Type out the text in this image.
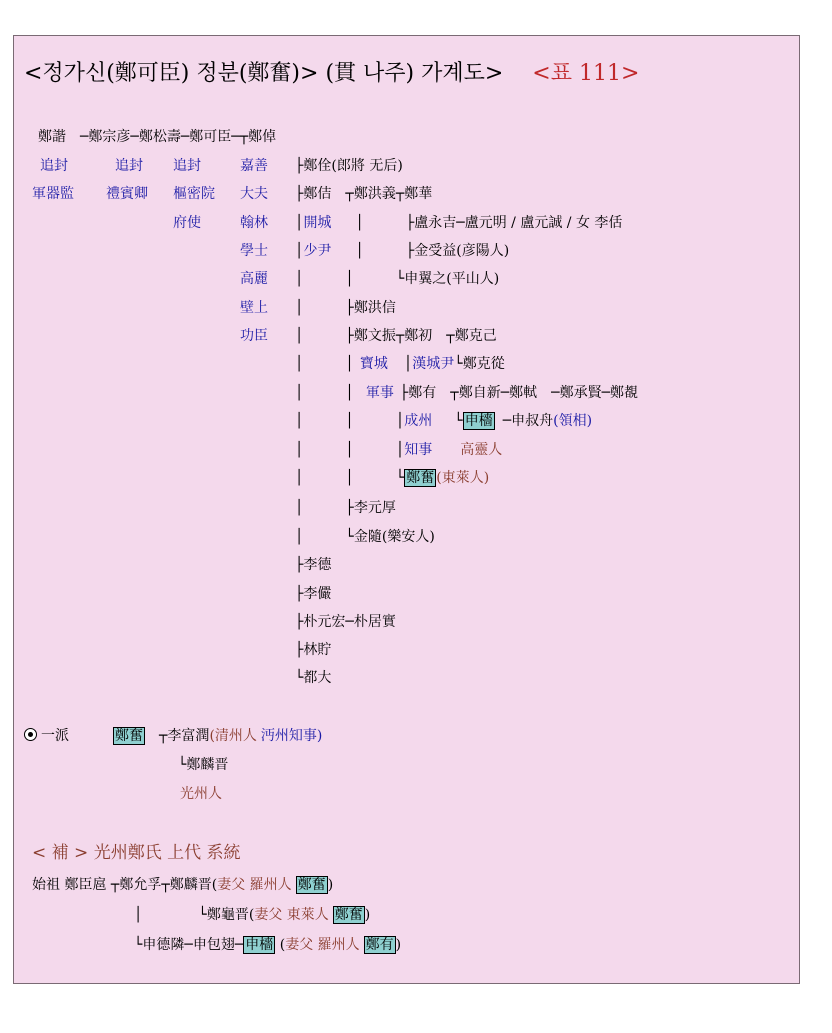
<정가신(鄭可臣) 정분(鄭奮)> (貫 나주) 가계도> <표 111>
鄭諧　─鄭宗彦─鄭松壽─鄭可臣─┬鄭倬
追封
軍器監
追封
禮賓卿
追封
樞密院
府使
嘉善
大夫
翰林
學士
高麗
壁上
功臣
├鄭佺(郎將 无后)
├鄭佶　┬鄭洪義┬鄭華
│開城 │　　　├盧永吉─盧元明 / 盧元誠 / 女 李佸
│少尹 │　　　├金受益(彦陽人)
│　　　│　　　└申翼之(平山人)
│　　　├鄭洪信
│　　　├鄭文振┬鄭初　┬鄭克己
│　　　│ 寶城 │漢城尹└鄭克從
│　　　│ 軍事 ├鄭有　┬鄭自新─鄭軾　─鄭承賢─鄭覩
│　　　│　　　│成州 └ 申檣 ─申叔舟(領相)
│　　　│　　　│知事 高靈人
│　　　│　　　└ 鄭奮 (東萊人)
│　　　├李元厚
│　　　└金隨(樂安人)
├李德
├李儼
├朴元宏─朴居實
├林貯
└都大
一派	鄭奮 ┬李富潤(清州人 沔州知事)
└鄭麟晋
光州人
< 補 > 光州鄭氏 上代 系統
始祖 鄭臣扈 ┬鄭允孚┬鄭麟晋(妻父 羅州人 鄭奮 )
│　　　　└鄭龜晋(妻父 東萊人 鄭奮 )
└申德隣─申包翅─ 申檣 (妻父 羅州人 鄭有 )
